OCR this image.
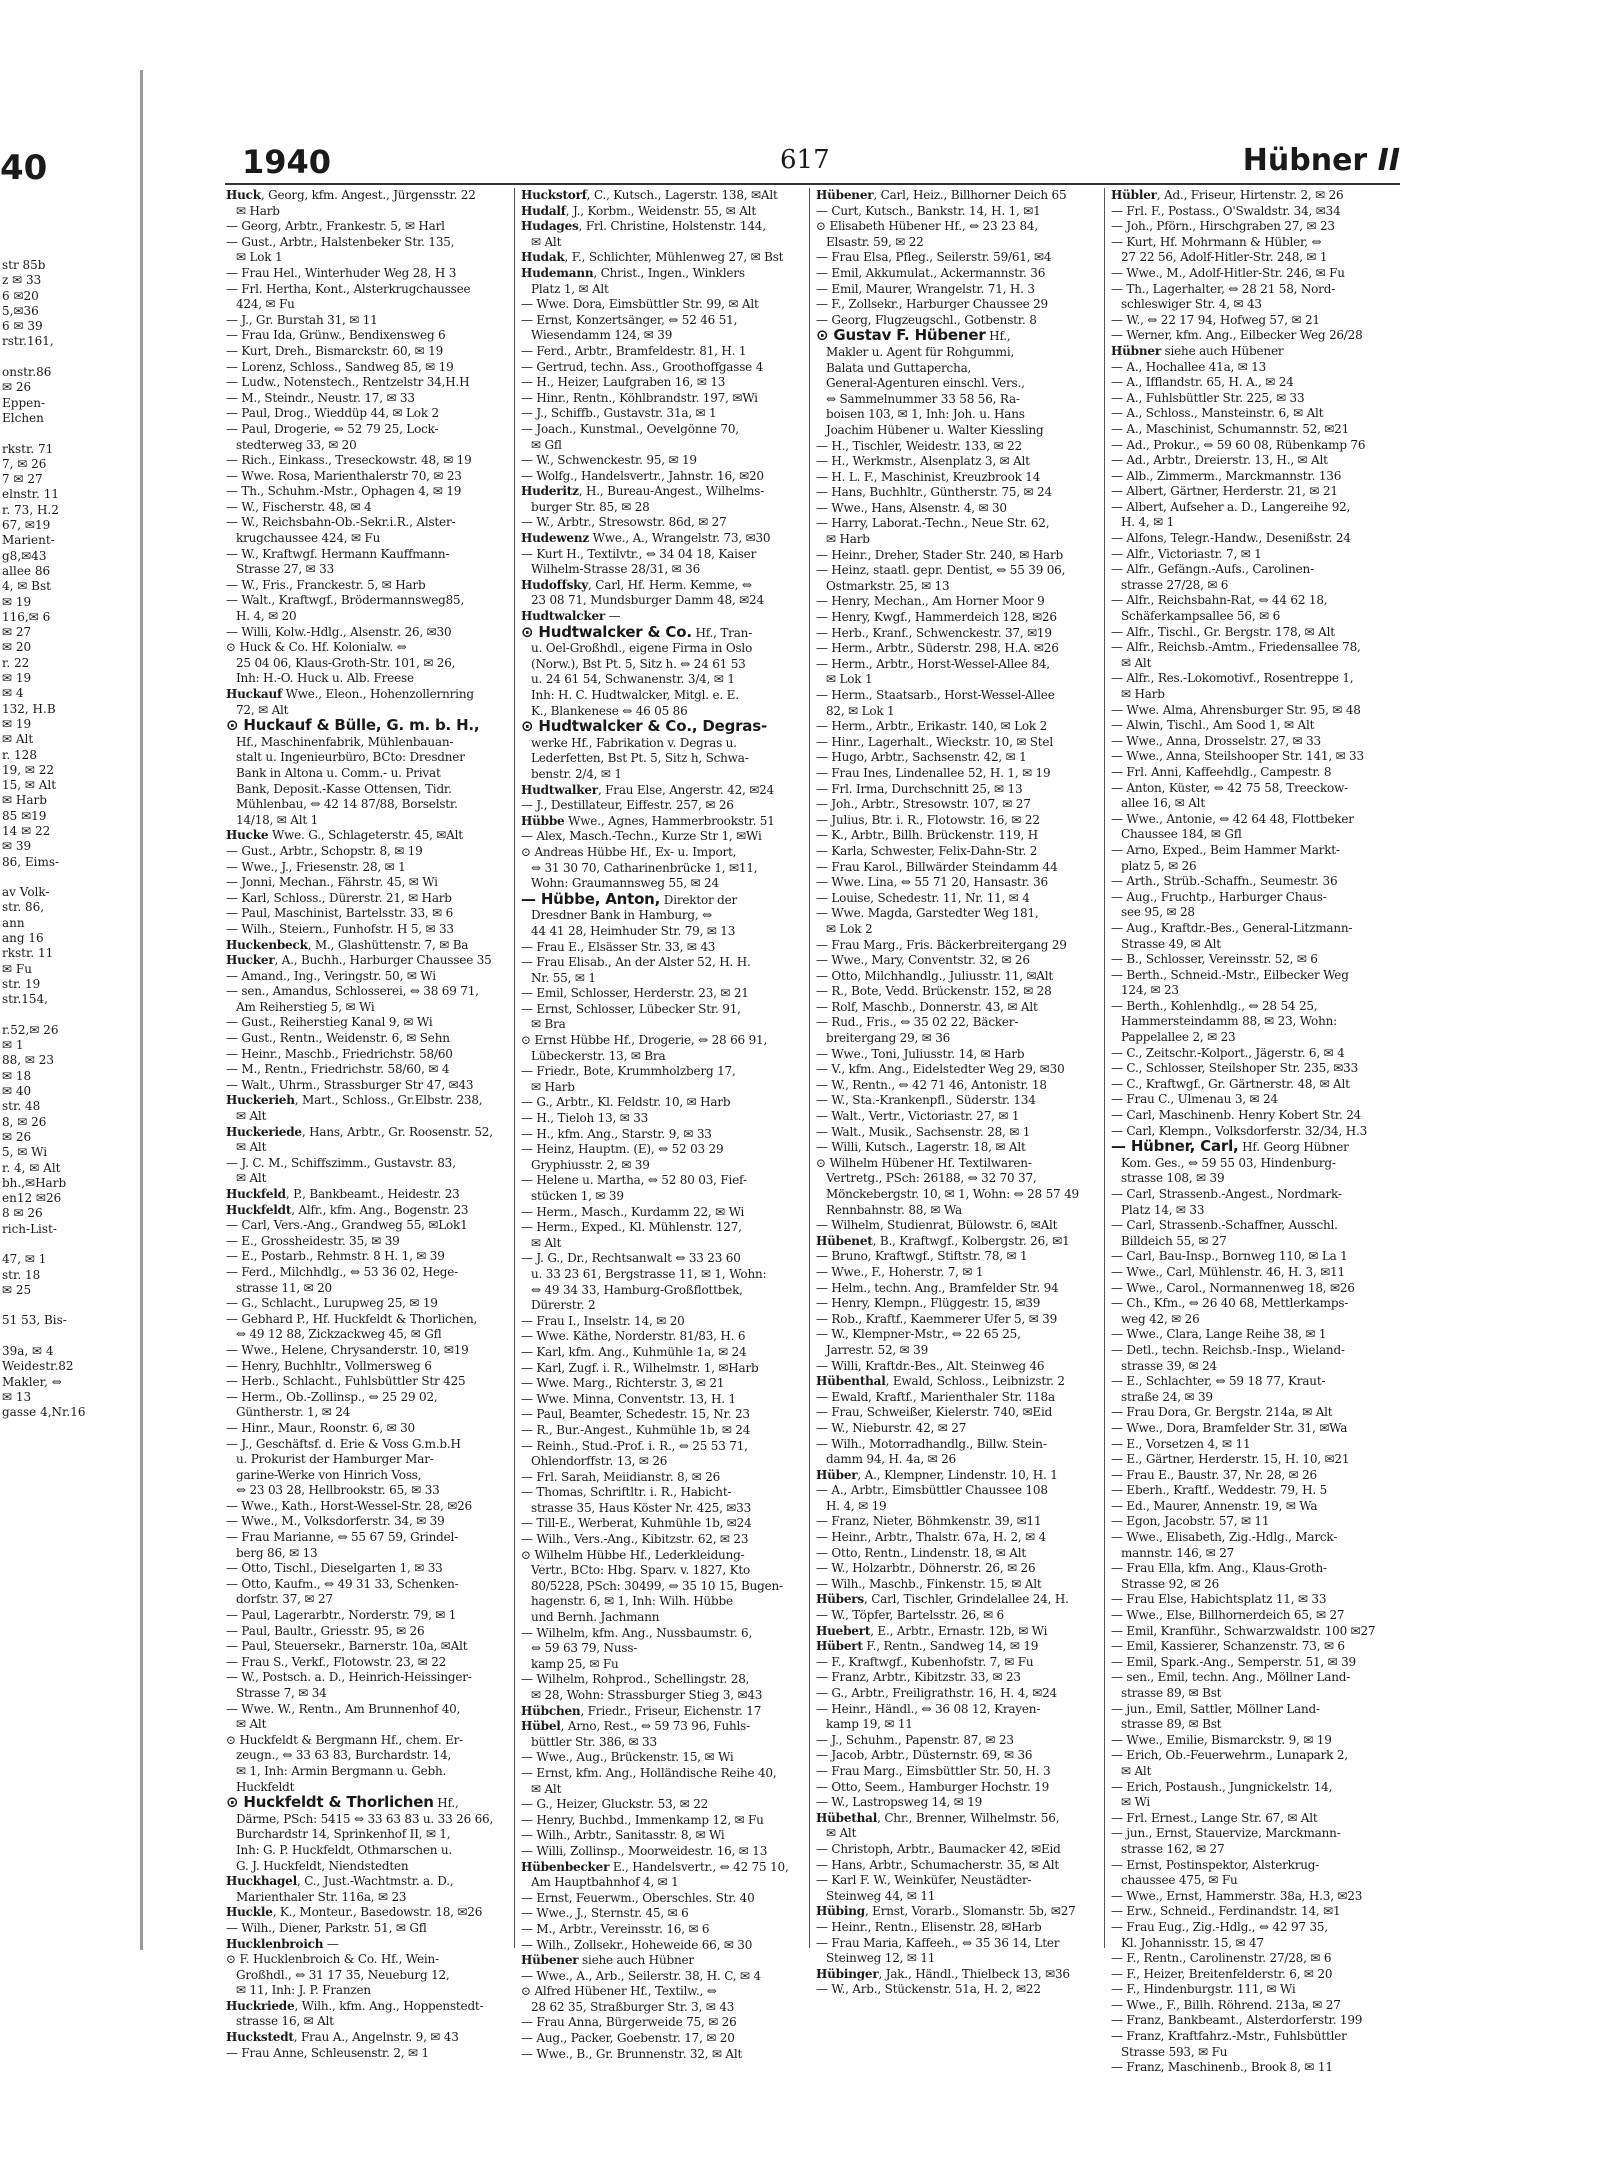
40
str 85b
z ✉ 33
6 ✉20
5,✉36
6 ✉ 39
rstr.161,

onstr.86
✉ 26
Eppen-
Elchen

rkstr. 71
7, ✉ 26
7 ✉ 27
elnstr. 11
r. 73, H.2
67, ✉19
Marient-
g8,✉43
allee 86
4, ✉ Bst
✉ 19
116,✉ 6
✉ 27
✉ 20
r. 22
✉ 19
✉ 4
132, H.B
✉ 19
✉ Alt
r. 128
19, ✉ 22
15, ✉ Alt
✉ Harb
85 ✉19
14 ✉ 22
✉ 39
86, Eims-

av Volk-
str. 86,
ann
ang 16
rkstr. 11
✉ Fu
str. 19
str.154,

r.52,✉ 26
✉ 1
88, ✉ 23
✉ 18
✉ 40
str. 48
8, ✉ 26
✉ 26
5, ✉ Wi
r. 4, ✉ Alt
bh.,✉Harb
en12 ✉26
8 ✉ 26
rich-List-

47, ✉ 1
str. 18
✉ 25

51 53, Bis-

39a, ✉ 4
Weidestr.82
Makler, ⇔
✉ 13
gasse 4,Nr.16
1940	617	Hübner II
Huck, Georg, kfm. Angest., Jürgensstr. 22
✉ Harb
— Georg, Arbtr., Frankestr. 5, ✉ Harl
— Gust., Arbtr., Halstenbeker Str. 135,
✉ Lok 1
— Frau Hel., Winterhuder Weg 28, H 3
— Frl. Hertha, Kont., Alsterkrugchaussee
424, ✉ Fu
— J., Gr. Burstah 31, ✉ 11
— Frau Ida, Grünw., Bendixensweg 6
— Kurt, Dreh., Bismarckstr. 60, ✉ 19
— Lorenz, Schloss., Sandweg 85, ✉ 19
— Ludw., Notenstech., Rentzelstr 34,H.H
— M., Steindr., Neustr. 17, ✉ 33
— Paul, Drog., Wieddüp 44, ✉ Lok 2
— Paul, Drogerie, ⇔ 52 79 25, Lock-
stedterweg 33, ✉ 20
— Rich., Einkass., Treseckowstr. 48, ✉ 19
— Wwe. Rosa, Marienthalerstr 70, ✉ 23
— Th., Schuhm.-Mstr., Ophagen 4, ✉ 19
— W., Fischerstr. 48, ✉ 4
— W., Reichsbahn-Ob.-Sekr.i.R., Alster-
krugchaussee 424, ✉ Fu
— W., Kraftwgf. Hermann Kauffmann-
Strasse 27, ✉ 33
— W., Fris., Franckestr. 5, ✉ Harb
— Walt., Kraftwgf., Brödermannsweg85,
H. 4, ✉ 20
— Willi, Kolw.-Hdlg., Alsenstr. 26, ✉30
⊙ Huck & Co. Hf. Kolonialw. ⇔
25 04 06, Klaus-Groth-Str. 101, ✉ 26,
Inh: H.-O. Huck u. Alb. Freese
Huckauf Wwe., Eleon., Hohenzollernring
72, ✉ Alt
⊙ Huckauf & Bülle, G. m. b. H.,
Hf., Maschinenfabrik, Mühlenbauan-
stalt u. Ingenieurbüro, BCto: Dresdner
Bank in Altona u. Comm.- u. Privat
Bank, Deposit.-Kasse Ottensen, Tidr.
Mühlenbau, ⇔ 42 14 87/88, Borselstr.
14/18, ✉ Alt 1
Hucke Wwe. G., Schlageterstr. 45, ✉Alt
— Gust., Arbtr., Schopstr. 8, ✉ 19
— Wwe., J., Friesenstr. 28, ✉ 1
— Jonni, Mechan., Fährstr. 45, ✉ Wi
— Karl, Schloss., Dürerstr. 21, ✉ Harb
— Paul, Maschinist, Bartelsstr. 33, ✉ 6
— Wilh., Steiern., Funhofstr. H 5, ✉ 33
Huckenbeck, M., Glashüttenstr. 7, ✉ Ba
Hucker, A., Buchh., Harburger Chaussee 35
— Amand., Ing., Veringstr. 50, ✉ Wi
— sen., Amandus, Schlosserei, ⇔ 38 69 71,
Am Reiherstieg 5, ✉ Wi
— Gust., Reiherstieg Kanal 9, ✉ Wi
— Gust., Rentn., Weidenstr. 6, ✉ Sehn
— Heinr., Maschb., Friedrichstr. 58/60
— M., Rentn., Friedrichstr. 58/60, ✉ 4
— Walt., Uhrm., Strassburger Str 47, ✉43
Huckerieh, Mart., Schloss., Gr.Elbstr. 238,
✉ Alt
Huckeriede, Hans, Arbtr., Gr. Roosenstr. 52,
✉ Alt
— J. C. M., Schiffszimm., Gustavstr. 83,
✉ Alt
Huckfeld, P., Bankbeamt., Heidestr. 23
Huckfeldt, Alfr., kfm. Ang., Bogenstr. 23
— Carl, Vers.-Ang., Grandweg 55, ✉Lok1
— E., Grossheidestr. 35, ✉ 39
— E., Postarb., Rehmstr. 8 H. 1, ✉ 39
— Ferd., Milchhdlg., ⇔ 53 36 02, Hege-
strasse 11, ✉ 20
— G., Schlacht., Lurupweg 25, ✉ 19
— Gebhard P., Hf. Huckfeldt & Thorlichen,
⇔ 49 12 88, Zickzackweg 45, ✉ Gfl
— Wwe., Helene, Chrysanderstr. 10, ✉19
— Henry, Buchhltr., Vollmersweg 6
— Herb., Schlacht., Fuhlsbüttler Str 425
— Herm., Ob.-Zollinsp., ⇔ 25 29 02,
Güntherstr. 1, ✉ 24
— Hinr., Maur., Roonstr. 6, ✉ 30
— J., Geschäftsf. d. Erie & Voss G.m.b.H
u. Prokurist der Hamburger Mar-
garine-Werke von Hinrich Voss,
⇔ 23 03 28, Hellbrookstr. 65, ✉ 33
— Wwe., Kath., Horst-Wessel-Str. 28, ✉26
— Wwe., M., Volksdorferstr. 34, ✉ 39
— Frau Marianne, ⇔ 55 67 59, Grindel-
berg 86, ✉ 13
— Otto, Tischl., Dieselgarten 1, ✉ 33
— Otto, Kaufm., ⇔ 49 31 33, Schenken-
dorfstr. 37, ✉ 27
— Paul, Lagerarbtr., Norderstr. 79, ✉ 1
— Paul, Baultr., Griesstr. 95, ✉ 26
— Paul, Steuersekr., Barnerstr. 10a, ✉Alt
— Frau S., Verkf., Flotowstr. 23, ✉ 22
— W., Postsch. a. D., Heinrich-Heissinger-
Strasse 7, ✉ 34
— Wwe. W., Rentn., Am Brunnenhof 40,
✉ Alt
⊙ Huckfeldt & Bergmann Hf., chem. Er-
zeugn., ⇔ 33 63 83, Burchardstr. 14,
✉ 1, Inh: Armin Bergmann u. Gebh.
Huckfeldt
⊙ Huckfeldt & Thorlichen Hf.,
Därme, PSch: 5415 ⇔ 33 63 83 u. 33 26 66,
Burchardstr 14, Sprinkenhof II, ✉ 1,
Inh: G. P. Huckfeldt, Othmarschen u.
G. J. Huckfeldt, Niendstedten
Huckhagel, C., Just.-Wachtmstr. a. D.,
Marienthaler Str. 116a, ✉ 23
Huckle, K., Monteur., Basedowstr. 18, ✉26
— Wilh., Diener, Parkstr. 51, ✉ Gfl
Hucklenbroich —
⊙ F. Hucklenbroich & Co. Hf., Wein-
Großhdl., ⇔ 31 17 35, Neueburg 12,
✉ 11, Inh: J. P. Franzen
Huckriede, Wilh., kfm. Ang., Hoppenstedt-
strasse 16, ✉ Alt
Huckstedt, Frau A., Angelnstr. 9, ✉ 43
— Frau Anne, Schleusenstr. 2, ✉ 1
Huckstorf, C., Kutsch., Lagerstr. 138, ✉Alt
Hudalf, J., Korbm., Weidenstr. 55, ✉ Alt
Hudages, Frl. Christine, Holstenstr. 144,
✉ Alt
Hudak, F., Schlichter, Mühlenweg 27, ✉ Bst
Hudemann, Christ., Ingen., Winklers
Platz 1, ✉ Alt
— Wwe. Dora, Eimsbüttler Str. 99, ✉ Alt
— Ernst, Konzertsänger, ⇔ 52 46 51,
Wiesendamm 124, ✉ 39
— Ferd., Arbtr., Bramfeldestr. 81, H. 1
— Gertrud, techn. Ass., Groothoffgasse 4
— H., Heizer, Laufgraben 16, ✉ 13
— Hinr., Rentn., Köhlbrandstr. 197, ✉Wi
— J., Schiffb., Gustavstr. 31a, ✉ 1
— Joach., Kunstmal., Oevelgönne 70,
✉ Gfl
— W., Schwenckestr. 95, ✉ 19
— Wolfg., Handelsvertr., Jahnstr. 16, ✉20
Huderitz, H., Bureau-Angest., Wilhelms-
burger Str. 85, ✉ 28
— W., Arbtr., Stresowstr. 86d, ✉ 27
Hudewenz Wwe., A., Wrangelstr. 73, ✉30
— Kurt H., Textilvtr., ⇔ 34 04 18, Kaiser
Wilhelm-Strasse 28/31, ✉ 36
Hudoffsky, Carl, Hf. Herm. Kemme, ⇔
23 08 71, Mundsburger Damm 48, ✉24
Hudtwalcker —
⊙ Hudtwalcker & Co. Hf., Tran-
u. Oel-Großhdl., eigene Firma in Oslo
(Norw.), Bst Pt. 5, Sitz h. ⇔ 24 61 53
u. 24 61 54, Schwanenstr. 3/4, ✉ 1
Inh: H. C. Hudtwalcker, Mitgl. e. E.
K., Blankenese ⇔ 46 05 86
⊙ Hudtwalcker & Co., Degras-
werke Hf., Fabrikation v. Degras u.
Lederfetten, Bst Pt. 5, Sitz h, Schwa-
benstr. 2/4, ✉ 1
Hudtwalker, Frau Else, Angerstr. 42, ✉24
— J., Destillateur, Eiffestr. 257, ✉ 26
Hübbe Wwe., Agnes, Hammerbrookstr. 51
— Alex, Masch.-Techn., Kurze Str 1, ✉Wi
⊙ Andreas Hübbe Hf., Ex- u. Import,
⇔ 31 30 70, Catharinenbrücke 1, ✉11,
Wohn: Graumannsweg 55, ✉ 24
— Hübbe, Anton, Direktor der
Dresdner Bank in Hamburg, ⇔
44 41 28, Heimhuder Str. 79, ✉ 13
— Frau E., Elsässer Str. 33, ✉ 43
— Frau Elisab., An der Alster 52, H. H.
Nr. 55, ✉ 1
— Emil, Schlosser, Herderstr. 23, ✉ 21
— Ernst, Schlosser, Lübecker Str. 91,
✉ Bra
⊙ Ernst Hübbe Hf., Drogerie, ⇔ 28 66 91,
Lübeckerstr. 13, ✉ Bra
— Friedr., Bote, Krummholzberg 17,
✉ Harb
— G., Arbtr., Kl. Feldstr. 10, ✉ Harb
— H., Tieloh 13, ✉ 33
— H., kfm. Ang., Starstr. 9, ✉ 33
— Heinz, Hauptm. (E), ⇔ 52 03 29
Gryphiusstr. 2, ✉ 39
— Helene u. Martha, ⇔ 52 80 03, Fief-
stücken 1, ✉ 39
— Herm., Masch., Kurdamm 22, ✉ Wi
— Herm., Exped., Kl. Mühlenstr. 127,
✉ Alt
— J. G., Dr., Rechtsanwalt ⇔ 33 23 60
u. 33 23 61, Bergstrasse 11, ✉ 1, Wohn:
⇔ 49 34 33, Hamburg-Großflottbek,
Dürerstr. 2
— Frau I., Inselstr. 14, ✉ 20
— Wwe. Käthe, Norderstr. 81/83, H. 6
— Karl, kfm. Ang., Kuhmühle 1a, ✉ 24
— Karl, Zugf. i. R., Wilhelmstr. 1, ✉Harb
— Wwe. Marg., Richterstr. 3, ✉ 21
— Wwe. Minna, Conventstr. 13, H. 1
— Paul, Beamter, Schedestr. 15, Nr. 23
— R., Bur.-Angest., Kuhmühle 1b, ✉ 24
— Reinh., Stud.-Prof. i. R., ⇔ 25 53 71,
Ohlendorffstr. 13, ✉ 26
— Frl. Sarah, Meiidianstr. 8, ✉ 26
— Thomas, Schriftltr. i. R., Habicht-
strasse 35, Haus Köster Nr. 425, ✉33
— Till-E., Werberat, Kuhmühle 1b, ✉24
— Wilh., Vers.-Ang., Kibitzstr. 62, ✉ 23
⊙ Wilhelm Hübbe Hf., Lederkleidung-
Vertr., BCto: Hbg. Sparv. v. 1827, Kto
80/5228, PSch: 30499, ⇔ 35 10 15, Bugen-
hagenstr. 6, ✉ 1, Inh: Wilh. Hübbe
und Bernh. Jachmann
— Wilhelm, kfm. Ang., Nussbaumstr. 6,
⇔ 59 63 79, Nuss-
kamp 25, ✉ Fu
— Wilhelm, Rohprod., Schellingstr. 28,
✉ 28, Wohn: Strassburger Stieg 3, ✉43
Hübchen, Friedr., Friseur, Eichenstr. 17
Hübel, Arno, Rest., ⇔ 59 73 96, Fuhls-
büttler Str. 386, ✉ 33
— Wwe., Aug., Brückenstr. 15, ✉ Wi
— Ernst, kfm. Ang., Holländische Reihe 40,
✉ Alt
— G., Heizer, Gluckstr. 53, ✉ 22
— Henry, Buchbd., Immenkamp 12, ✉ Fu
— Wilh., Arbtr., Sanitasstr. 8, ✉ Wi
— Willi, Zollinsp., Moorweidestr. 16, ✉ 13
Hübenbecker E., Handelsvertr., ⇔ 42 75 10,
Am Hauptbahnhof 4, ✉ 1
— Ernst, Feuerwm., Oberschles. Str. 40
— Wwe., J., Sternstr. 45, ✉ 6
— M., Arbtr., Vereinsstr. 16, ✉ 6
— Wilh., Zollsekr., Hoheweide 66, ✉ 30
Hübener siehe auch Hübner
— Wwe., A., Arb., Seilerstr. 38, H. C, ✉ 4
⊙ Alfred Hübener Hf., Textilw., ⇔
28 62 35, Straßburger Str. 3, ✉ 43
— Frau Anna, Bürgerweide 75, ✉ 26
— Aug., Packer, Goebenstr. 17, ✉ 20
— Wwe., B., Gr. Brunnenstr. 32, ✉ Alt
Hübener, Carl, Heiz., Billhorner Deich 65
— Curt, Kutsch., Bankstr. 14, H. 1, ✉1
⊙ Elisabeth Hübener Hf., ⇔ 23 23 84,
Elsastr. 59, ✉ 22
— Frau Elsa, Pfleg., Seilerstr. 59/61, ✉4
— Emil, Akkumulat., Ackermannstr. 36
— Emil, Maurer, Wrangelstr. 71, H. 3
— F., Zollsekr., Harburger Chaussee 29
— Georg, Flugzeugschl., Gotbenstr. 8
⊙ Gustav F. Hübener Hf.,
Makler u. Agent für Rohgummi,
Balata und Guttapercha,
General-Agenturen einschl. Vers.,
⇔ Sammelnummer 33 58 56, Ra-
boisen 103, ✉ 1, Inh: Joh. u. Hans
Joachim Hübener u. Walter Kiessling
— H., Tischler, Weidestr. 133, ✉ 22
— H., Werkmstr., Alsenplatz 3, ✉ Alt
— H. L. F., Maschinist, Kreuzbrook 14
— Hans, Buchhltr., Güntherstr. 75, ✉ 24
— Wwe., Hans, Alsenstr. 4, ✉ 30
— Harry, Laborat.-Techn., Neue Str. 62,
✉ Harb
— Heinr., Dreher, Stader Str. 240, ✉ Harb
— Heinz, staatl. gepr. Dentist, ⇔ 55 39 06,
Ostmarkstr. 25, ✉ 13
— Henry, Mechan., Am Horner Moor 9
— Henry, Kwgf., Hammerdeich 128, ✉26
— Herb., Kranf., Schwenckestr. 37, ✉19
— Herm., Arbtr., Süderstr. 298, H.A. ✉26
— Herm., Arbtr., Horst-Wessel-Allee 84,
✉ Lok 1
— Herm., Staatsarb., Horst-Wessel-Allee
82, ✉ Lok 1
— Herm., Arbtr., Erikastr. 140, ✉ Lok 2
— Hinr., Lagerhalt., Wieckstr. 10, ✉ Stel
— Hugo, Arbtr., Sachsenstr. 42, ✉ 1
— Frau Ines, Lindenallee 52, H. 1, ✉ 19
— Frl. Irma, Durchschnitt 25, ✉ 13
— Joh., Arbtr., Stresowstr. 107, ✉ 27
— Julius, Btr. i. R., Flotowstr. 16, ✉ 22
— K., Arbtr., Billh. Brückenstr. 119, H
— Karla, Schwester, Felix-Dahn-Str. 2
— Frau Karol., Billwärder Steindamm 44
— Wwe. Lina, ⇔ 55 71 20, Hansastr. 36
— Louise, Schedestr. 11, Nr. 11, ✉ 4
— Wwe. Magda, Garstedter Weg 181,
✉ Lok 2
— Frau Marg., Fris. Bäckerbreitergang 29
— Wwe., Mary, Conventstr. 32, ✉ 26
— Otto, Milchhandlg., Juliusstr. 11, ✉Alt
— R., Bote, Vedd. Brückenstr. 152, ✉ 28
— Rolf, Maschb., Donnerstr. 43, ✉ Alt
— Rud., Fris., ⇔ 35 02 22, Bäcker-
breitergang 29, ✉ 36
— Wwe., Toni, Juliusstr. 14, ✉ Harb
— V., kfm. Ang., Eidelstedter Weg 29, ✉30
— W., Rentn., ⇔ 42 71 46, Antonistr. 18
— W., Sta.-Krankenpfl., Süderstr. 134
— Walt., Vertr., Victoriastr. 27, ✉ 1
— Walt., Musik., Sachsenstr. 28, ✉ 1
— Willi, Kutsch., Lagerstr. 18, ✉ Alt
⊙ Wilhelm Hübener Hf. Textilwaren-
Vertretg., PSch: 26188, ⇔ 32 70 37,
Mönckebergstr. 10, ✉ 1, Wohn: ⇔ 28 57 49
Rennbahnstr. 88, ✉ Wa
— Wilhelm, Studienrat, Bülowstr. 6, ✉Alt
Hübenet, B., Kraftwgf., Kolbergstr. 26, ✉1
— Bruno, Kraftwgf., Stiftstr. 78, ✉ 1
— Wwe., F., Hoherstr. 7, ✉ 1
— Helm., techn. Ang., Bramfelder Str. 94
— Henry, Klempn., Flüggestr. 15, ✉39
— Rob., Kraftf., Kaemmerer Ufer 5, ✉ 39
— W., Klempner-Mstr., ⇔ 22 65 25,
Jarrestr. 52, ✉ 39
— Willi, Kraftdr.-Bes., Alt. Steinweg 46
Hübenthal, Ewald, Schloss., Leibnizstr. 2
— Ewald, Kraftf., Marienthaler Str. 118a
— Frau, Schweißer, Kielerstr. 740, ✉Eid
— W., Nieburstr. 42, ✉ 27
— Wilh., Motorradhandlg., Billw. Stein-
damm 94, H. 4a, ✉ 26
Hüber, A., Klempner, Lindenstr. 10, H. 1
— A., Arbtr., Eimsbüttler Chaussee 108
H. 4, ✉ 19
— Franz, Nieter, Böhmkenstr. 39, ✉11
— Heinr., Arbtr., Thalstr. 67a, H. 2, ✉ 4
— Otto, Rentn., Lindenstr. 18, ✉ Alt
— W., Holzarbtr., Döhnerstr. 26, ✉ 26
— Wilh., Maschb., Finkenstr. 15, ✉ Alt
Hübers, Carl, Tischler, Grindelallee 24, H.
— W., Töpfer, Bartelsstr. 26, ✉ 6
Huebert, E., Arbtr., Ernastr. 12b, ✉ Wi
Hübert F., Rentn., Sandweg 14, ✉ 19
— F., Kraftwgf., Kubenhofstr. 7, ✉ Fu
— Franz, Arbtr., Kibitzstr. 33, ✉ 23
— G., Arbtr., Freiligrathstr. 16, H. 4, ✉24
— Heinr., Händl., ⇔ 36 08 12, Krayen-
kamp 19, ✉ 11
— J., Schuhm., Papenstr. 87, ✉ 23
— Jacob, Arbtr., Düsternstr. 69, ✉ 36
— Frau Marg., Eimsbüttler Str. 50, H. 3
— Otto, Seem., Hamburger Hochstr. 19
— W., Lastropsweg 14, ✉ 19
Hübethal, Chr., Brenner, Wilhelmstr. 56,
✉ Alt
— Christoph, Arbtr., Baumacker 42, ✉Eid
— Hans, Arbtr., Schumacherstr. 35, ✉ Alt
— Karl F. W., Weinküfer, Neustädter-
Steinweg 44, ✉ 11
Hübing, Ernst, Vorarb., Slomanstr. 5b, ✉27
— Heinr., Rentn., Elisenstr. 28, ✉Harb
— Frau Maria, Kaffeeh., ⇔ 35 36 14, Lter
Steinweg 12, ✉ 11
Hübinger, Jak., Händl., Thielbeck 13, ✉36
— W., Arb., Stückenstr. 51a, H. 2, ✉22
Hübler, Ad., Friseur, Hirtenstr. 2, ✉ 26
— Frl. F., Postass., O'Swaldstr. 34, ✉34
— Joh., Pförn., Hirschgraben 27, ✉ 23
— Kurt, Hf. Mohrmann & Hübler, ⇔
27 22 56, Adolf-Hitler-Str. 248, ✉ 1
— Wwe., M., Adolf-Hitler-Str. 246, ✉ Fu
— Th., Lagerhalter, ⇔ 28 21 58, Nord-
schleswiger Str. 4, ✉ 43
— W., ⇔ 22 17 94, Hofweg 57, ✉ 21
— Werner, kfm. Ang., Eilbecker Weg 26/28
Hübner siehe auch Hübener
— A., Hochallee 41a, ✉ 13
— A., Ifflandstr. 65, H. A., ✉ 24
— A., Fuhlsbüttler Str. 225, ✉ 33
— A., Schloss., Mansteinstr. 6, ✉ Alt
— A., Maschinist, Schumannstr. 52, ✉21
— Ad., Prokur., ⇔ 59 60 08, Rübenkamp 76
— Ad., Arbtr., Dreierstr. 13, H., ✉ Alt
— Alb., Zimmerm., Marckmannstr. 136
— Albert, Gärtner, Herderstr. 21, ✉ 21
— Albert, Aufseher a. D., Langereihe 92,
H. 4, ✉ 1
— Alfons, Telegr.-Handw., Desenißstr. 24
— Alfr., Victoriastr. 7, ✉ 1
— Alfr., Gefängn.-Aufs., Carolinen-
strasse 27/28, ✉ 6
— Alfr., Reichsbahn-Rat, ⇔ 44 62 18,
Schäferkampsallee 56, ✉ 6
— Alfr., Tischl., Gr. Bergstr. 178, ✉ Alt
— Alfr., Reichsb.-Amtm., Friedensallee 78,
✉ Alt
— Alfr., Res.-Lokomotivf., Rosentreppe 1,
✉ Harb
— Wwe. Alma, Ahrensburger Str. 95, ✉ 48
— Alwin, Tischl., Am Sood 1, ✉ Alt
— Wwe., Anna, Drosselstr. 27, ✉ 33
— Wwe., Anna, Steilshooper Str. 141, ✉ 33
— Frl. Anni, Kaffeehdlg., Campestr. 8
— Anton, Küster, ⇔ 42 75 58, Treeckow-
allee 16, ✉ Alt
— Wwe., Antonie, ⇔ 42 64 48, Flottbeker
Chaussee 184, ✉ Gfl
— Arno, Exped., Beim Hammer Markt-
platz 5, ✉ 26
— Arth., Strüb.-Schaffn., Seumestr. 36
— Aug., Fruchtp., Harburger Chaus-
see 95, ✉ 28
— Aug., Kraftdr.-Bes., General-Litzmann-
Strasse 49, ✉ Alt
— B., Schlosser, Vereinsstr. 52, ✉ 6
— Berth., Schneid.-Mstr., Eilbecker Weg
124, ✉ 23
— Berth., Kohlenhdlg., ⇔ 28 54 25,
Hammersteindamm 88, ✉ 23, Wohn:
Pappelallee 2, ✉ 23
— C., Zeitschr.-Kolport., Jägerstr. 6, ✉ 4
— C., Schlosser, Steilshoper Str. 235, ✉33
— C., Kraftwgf., Gr. Gärtnerstr. 48, ✉ Alt
— Frau C., Ulmenau 3, ✉ 24
— Carl, Maschinenb. Henry Kobert Str. 24
— Carl, Klempn., Volksdorferstr. 32/34, H.3
— Hübner, Carl, Hf. Georg Hübner
Kom. Ges., ⇔ 59 55 03, Hindenburg-
strasse 108, ✉ 39
— Carl, Strassenb.-Angest., Nordmark-
Platz 14, ✉ 33
— Carl, Strassenb.-Schaffner, Ausschl.
Billdeich 55, ✉ 27
— Carl, Bau-Insp., Bornweg 110, ✉ La 1
— Wwe., Carl, Mühlenstr. 46, H. 3, ✉11
— Wwe., Carol., Normannenweg 18, ✉26
— Ch., Kfm., ⇔ 26 40 68, Mettlerkamps-
weg 42, ✉ 26
— Wwe., Clara, Lange Reihe 38, ✉ 1
— Detl., techn. Reichsb.-Insp., Wieland-
strasse 39, ✉ 24
— E., Schlachter, ⇔ 59 18 77, Kraut-
straße 24, ✉ 39
— Frau Dora, Gr. Bergstr. 214a, ✉ Alt
— Wwe., Dora, Bramfelder Str. 31, ✉Wa
— E., Vorsetzen 4, ✉ 11
— E., Gärtner, Herderstr. 15, H. 10, ✉21
— Frau E., Baustr. 37, Nr. 28, ✉ 26
— Eberh., Kraftf., Weddestr. 79, H. 5
— Ed., Maurer, Annenstr. 19, ✉ Wa
— Egon, Jacobstr. 57, ✉ 11
— Wwe., Elisabeth, Zig.-Hdlg., Marck-
mannstr. 146, ✉ 27
— Frau Ella, kfm. Ang., Klaus-Groth-
Strasse 92, ✉ 26
— Frau Else, Habichtsplatz 11, ✉ 33
— Wwe., Else, Billhornerdeich 65, ✉ 27
— Emil, Kranführ., Schwarzwaldstr. 100 ✉27
— Emil, Kassierer, Schanzenstr. 73, ✉ 6
— Emil, Spark.-Ang., Semperstr. 51, ✉ 39
— sen., Emil, techn. Ang., Möllner Land-
strasse 89, ✉ Bst
— jun., Emil, Sattler, Möllner Land-
strasse 89, ✉ Bst
— Wwe., Emilie, Bismarckstr. 9, ✉ 19
— Erich, Ob.-Feuerwehrm., Lunapark 2,
✉ Alt
— Erich, Postaush., Jungnickelstr. 14,
✉ Wi
— Frl. Ernest., Lange Str. 67, ✉ Alt
— jun., Ernst, Stauervize, Marckmann-
strasse 162, ✉ 27
— Ernst, Postinspektor, Alsterkrug-
chaussee 475, ✉ Fu
— Wwe., Ernst, Hammerstr. 38a, H.3, ✉23
— Erw., Schneid., Ferdinandstr. 14, ✉1
— Frau Eug., Zig.-Hdlg., ⇔ 42 97 35,
Kl. Johannisstr. 15, ✉ 47
— F., Rentn., Carolinenstr. 27/28, ✉ 6
— F., Heizer, Breitenfelderstr. 6, ✉ 20
— F., Hindenburgstr. 111, ✉ Wi
— Wwe., F., Billh. Röhrend. 213a, ✉ 27
— Franz, Bankbeamt., Alsterdorferstr. 199
— Franz, Kraftfahrz.-Mstr., Fuhlsbüttler
Strasse 593, ✉ Fu
— Franz, Maschinenb., Brook 8, ✉ 11
